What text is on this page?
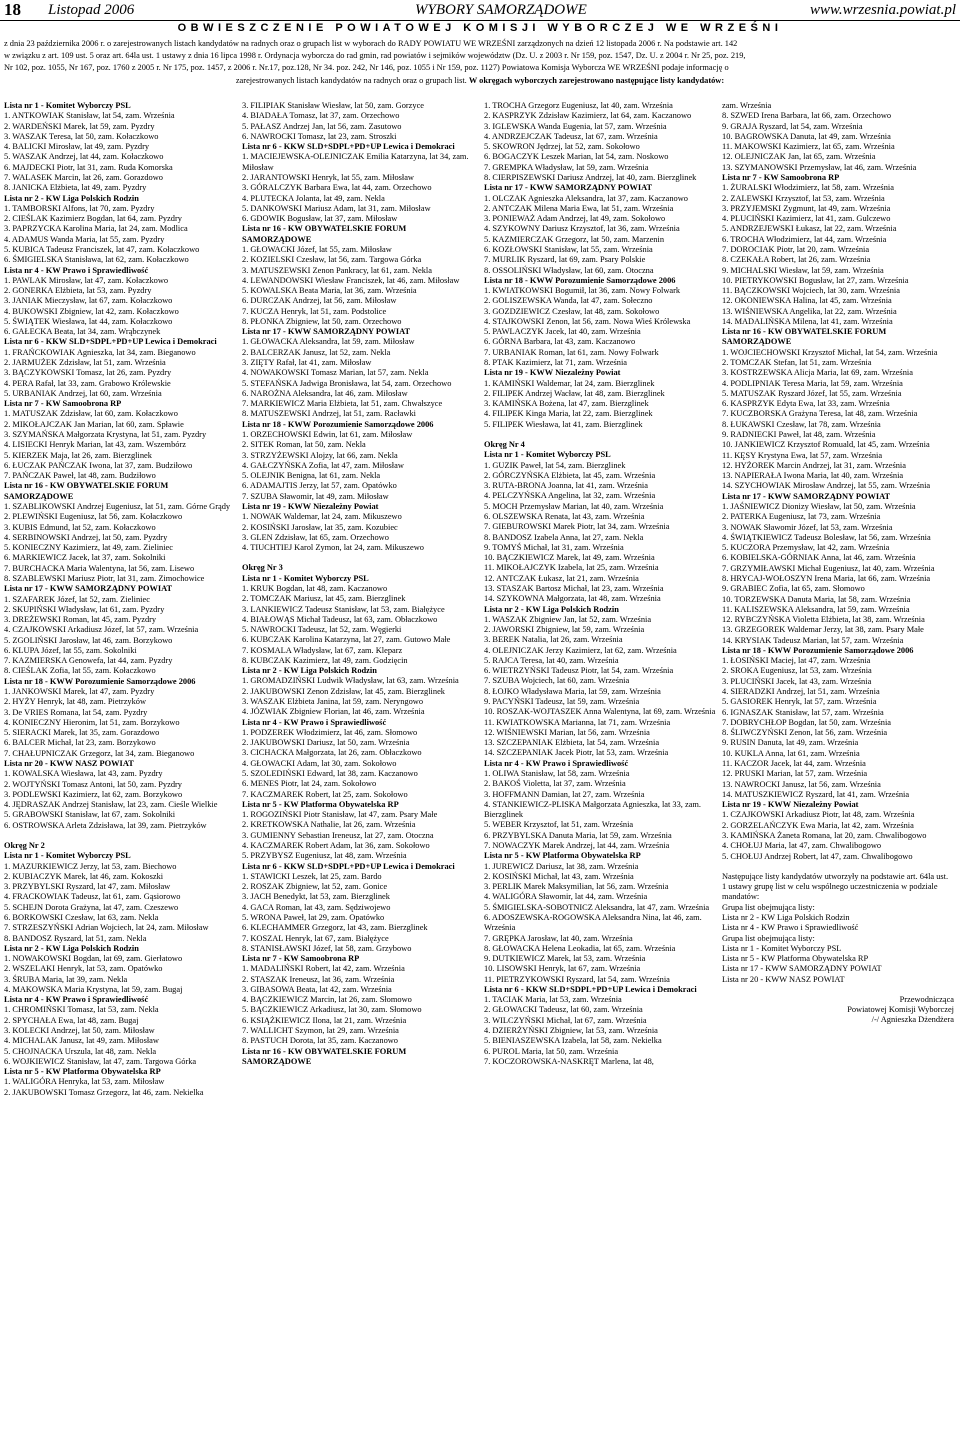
18 Listopad 2006	WYBORY SAMORZĄDOWE	www.wrzesnia.powiat.pl
OBWIESZCZENIE POWIATOWEJ KOMISJI WYBORCZEJ WE WRZEŚNI
z dnia 23 października 2006 r. o zarejestrowanych listach kandydatów na radnych oraz o grupach list w wyborach do RADY POWIATU WE WRZEŚNI zarządzonych na dzień 12 listopada 2006 r. Na podstawie art. 142
w związku z art. 109 ust. 5 oraz art. 64la ust. 1 ustawy z dnia 16 lipca 1998 r. Ordynacja wyborcza do rad gmin, rad powiatów i sejmików województw (Dz. U. z 2003 r. Nr 159, poz. 1547, Dz. U. z 2004 r. Nr 25, poz. 219,
Nr 102, poz. 1055, Nr 167, poz. 1760 z 2005 r. Nr 175, poz. 1457, z 2006 r. Nr.17, poz.128, Nr 34. poz. 242, Nr 146, poz. 1055 i Nr 159, poz. 1127) Powiatowa Komisja Wyborcza WE WRZEŚNI podaje informację o
zarejestrowanych listach kandydatów na radnych oraz o grupach list. W okręgach wyborczych zarejestrowano następujące listy kandydatów:
Lista nr 1 - Komitet Wyborczy PSL
1. ANTKOWIAK Stanisław, lat 54, zam. Września
2. WARDEŃSKI Marek, lat 59, zam. Pyzdry
3. WASZAK Teresa, lat 50, zam. Kołaczkowo
4. BALICKI Mirosław, lat 49, zam. Pyzdry
5. WASZAK Andrzej, lat 44, zam. Kołaczkowo
6. MAJDECKI Piotr, lat 31, zam. Ruda Komorska
7. WALASEK Marcin, lat 26, zam. Gorazdowo
8. JANICKA Elżbieta, lat 49, zam. Pyzdry
Lista nr 2 - KW Liga Polskich Rodzin
1. TAMBORSKI Alfons, lat 70, zam. Pyzdry
2. CIEŚLAK Kazimierz Bogdan, lat 64, zam. Pyzdry
3. PAPRZYCKA Karolina Maria, lat 24, zam. Modlica
4. ADAMUS Wanda Maria, lat 55, zam. Pyzdry
5. KUBICA Tadeusz Franciszek, lat 47, zam. Kołaczkowo
6. ŚMIGIELSKA Stanisława, lat 62, zam. Kołaczkowo
Lista nr 4 - KW Prawo i Sprawiedliwość
1. PAWLAK Mirosław, lat 47, zam. Kołaczkowo
2. GONERKA Elżbieta, lat 53, zam. Pyzdry
3. JANIAK Mieczysław, lat 67, zam. Kołaczkowo
4. BUKOWSKI Zbigniew, lat 42, zam. Kołaczkowo
5. ŚWIĄTEK Wiesława, lat 44, zam. Kołaczkowo
6. GAŁECKA Beata, lat 34, zam. Wrąbczynek
Lista nr 6 - KKW SLD+SDPL+PD+UP Lewica i Demokraci
1. FRAŃCKOWIAK Agnieszka, lat 34, zam. Bieganowo
2. JARMUŻEK Zdzisław, lat 51, zam. Września
3. BĄCZYKOWSKI Tomasz, lat 26, zam. Pyzdry
4. PERA Rafał, lat 33, zam. Grabowo Królewskie
5. URBANIAK Andrzej, lat 60, zam. Września
Lista nr 7 - KW Samoobrona RP
1. MATUSZAK Zdzisław, lat 60, zam. Kołaczkowo
2. MIKOŁAJCZAK Jan Marian, lat 60, zam. Spławie
3. SZYMAŃSKA Małgorzata Krystyna, lat 51, zam. Pyzdry
4. LISIECKI Henryk Marian, lat 43, zam. Wszembórz
5. KIERZEK Maja, lat 26, zam. Bierzglinek
6. ŁUCZAK PAŃCZAK Iwona, lat 37, zam. Budziłowo
7. PAŃCZAK Paweł, lat 48, zam. Budziłowo
Lista nr 16 - KW OBYWATELSKIE FORUM SAMORZĄDOWE
1. SZABLIKOWSKI Andrzej Eugeniusz, lat 51, zam. Górne Grądy
2. PLEWIŃSKI Eugeniusz, lat 56, zam. Kołaczkowo
3. KUBIS Edmund, lat 52, zam. Kołaczkowo
4. SERBINOWSKI Andrzej, lat 50, zam. Pyzdry
5. KONIECZNY Kazimierz, lat 49, zam. Zieliniec
6. MARKIEWICZ Jacek, lat 37, zam. Sokolniki
7. BURCHACKA Maria Walentyna, lat 56, zam. Lisewo
8. SZABLEWSKI Mariusz Piotr, lat 31, zam. Zimochowice
Lista nr 17 - KWW SAMORZĄDNY POWIAT
1. SZAFAREK Józef, lat 52, zam. Zieliniec
2. SKUPIŃSKI Władysław, lat 61, zam. Pyzdry
3. DREŻEWSKI Roman, lat 45, zam. Pyzdry
4. CZAJKOWSKI Arkadiusz Józef, lat 57, zam. Września
5. ZGOLIŃSKI Jarosław, lat 46, zam. Borzykowo
6. KLUPA Józef, lat 55, zam. Sokolniki
7. KAZMIERSKA Genowefa, lat 44, zam. Pyzdry
8. CIEŚLAK Zofia, lat 55, zam. Kołaczkowo
Lista nr 18 - KWW Porozumienie Samorządowe 2006
1. JANKOWSKI Marek, lat 47, zam. Pyzdry
2. HYŻY Henryk, lat 48, zam. Pietrzyków
3. De VRIES Romana, lat 54, zam. Pyzdry
4. KONIECZNY Hieronim, lat 51, zam. Borzykowo
5. SIERACKI Marek, lat 35, zam. Gorazdowo
6. BALCER Michał, lat 23, zam. Borzykowo
7. CHAŁUPNICZAK Grzegorz, lat 34, zam. Bieganowo
Lista nr 20 - KWW NASZ POWIAT
1. KOWALSKA Wiesława, lat 43, zam. Pyzdry
2. WOJTYŃSKI Tomasz Antoni, lat 50, zam. Pyzdry
3. PODLEWSKI Kazimierz, lat 62, zam. Borzykowo
4. JĘDRASZAK Andrzej Stanisław, lat 23, zam. Cieśle Wielkie
5. GRABOWSKI Stanisław, lat 67, zam. Sokolniki
6. OSTROWSKA Arleta Zdzisława, lat 39, zam. Pietrzyków
Okręg Nr 2
Lista nr 1 - Komitet Wyborczy PSL
1. MAZURKIEWICZ Jerzy, lat 53, zam. Biechowo
2. KUBIACZYK Marek, lat 46, zam. Kokoszki
3. PRZYBYLSKI Ryszard, lat 47, zam. Miłosław
4. FRACKOWIAK Tadeusz, lat 61, zam. Gąsiorowo
5. SCHEJN Dorota Grażyna, lat 47, zam. Czeszewo
6. BORKOWSKI Czesław, lat 63, zam. Nekla
7. STRZESZYŃSKI Adrian Wojciech, lat 24, zam. Miłosław
8. BANDOSZ Ryszard, lat 51, zam. Nekla
Lista nr 2 - KW Liga Polskich Rodzin
1. NOWAKOWSKI Bogdan, lat 69, zam. Gierłatowo
2. WSZELAKI Henryk, lat 53, zam. Opatówko
3. ŚRUBA Maria, lat 39, zam. Nekla
4. MAKOWSKA Maria Krystyna, lat 59, zam. Bugaj
Lista nr 4 - KW Prawo i Sprawiedliwość
1. CHROMIŃSKI Tomasz, lat 53, zam. Nekla
2. SPYCHAŁA Ewa, lat 48, zam. Bugaj
3. KOLECKI Andrzej, lat 50, zam. Miłosław
4. MICHALAK Janusz, lat 49, zam. Miłosław
5. CHOJNACKA Urszula, lat 48, zam. Nekla
6. WOJKIEWICZ Stanisław, lat 47, zam. Targowa Górka
Lista nr 5 - KW Platforma Obywatelska RP
1. WALIGÓRA Henryka, lat 53, zam. Miłosław
2. JAKUBOWSKI Tomasz Grzegorz, lat 46, zam. Nekielka
3. FILIPIAK Stanisław Wiesław, lat 50, zam. Gorzyce
4. BIADAŁA Tomasz, lat 37, zam. Orzechowo
5. PAŁASZ Andrzej Jan, lat 56, zam. Zasutowo
6. NAWROCKI Tomasz, lat 23, zam. Stroszki
Lista nr 6 - KKW SLD+SDPL+PD+UP Lewica i Demokraci
1. MACIEJEWSKA-OLEJNICZAK Emilia Katarzyna, lat 34, zam. Miłosław
2. JARANTOWSKI Henryk, lat 55, zam. Miłosław
3. GÓRALCZYK Barbara Ewa, lat 44, zam. Orzechowo
4. PLUTECKA Jolanta, lat 49, zam. Nekla
5. DANKOWSKI Mariusz Adam, lat 31, zam. Miłosław
6. GDOWIK Bogusław, lat 37, zam. Miłosław
Lista nr 16 - KW OBYWATELSKIE FORUM SAMORZĄDOWE
1. GŁOWACKI Józef, lat 55, zam. Miłosław
2. KOZIELSKI Czesław, lat 56, zam. Targowa Górka
3. MATUSZEWSKI Zenon Pankracy, lat 61, zam. Nekla
4. LEWANDOWSKI Wiesław Franciszek, lat 46, zam. Miłosław
5. KOWALSKA Beata Maria, lat 36, zam. Września
6. DURCZAK Andrzej, lat 56, zam. Miłosław
7. KUCZA Henryk, lat 51, zam. Podstolice
8. PŁONKA Zbigniew, lat 50, zam. Orzechowo
Lista nr 17 - KWW SAMORZĄDNY POWIAT
1. GŁOWACKA Aleksandra, lat 59, zam. Miłosław
2. BALCERZAK Janusz, lat 52, zam. Nekla
3. ZIĘTY Rafał, lat 41, zam. Miłosław
4. NOWAKOWSKI Tomasz Marian, lat 57, zam. Nekla
5. STEFAŃSKA Jadwiga Bronisława, lat 54, zam. Orzechowo
6. NAROŻNA Aleksandra, lat 46, zam. Miłosław
7. MARKIEWICZ Maria Elżbieta, lat 51, zam. Chwałszyce
8. MATUSZEWSKI Andrzej, lat 51, zam. Racławki
Lista nr 18 - KWW Porozumienie Samorządowe 2006
1. ORZECHOWSKI Edwin, lat 61, zam. Miłosław
2. SITEK Roman, lat 50, zam. Nekla
3. STRZYŻEWSKI Alojzy, lat 66, zam. Nekla
4. GAŁCZYŃSKA Zofia, lat 47, zam. Miłosław
5. OLEJNIK Benigna, lat 61, zam. Nekla
6. ADAMAJTIS Jerzy, lat 57, zam. Opatówko
7. SZUBA Sławomir, lat 49, zam. Miłosław
Lista nr 19 - KWW Niezależny Powiat
1. NOWAK Waldemar, lat 24, zam. Mikuszewo
2. KOSIŃSKI Jarosław, lat 35, zam. Kozubiec
3. GLEN Zdzisław, lat 65, zam. Orzechowo
4. TIUCHTIEJ Karol Zymon, lat 24, zam. Mikuszewo
Okręg Nr 3
Lista nr 1 - Komitet Wyborczy PSL
1. KRUK Bogdan, lat 48, zam. Kaczanowo
2. TOMCZAK Mariusz, lat 45, zam. Bierzglinek
3. LANKIEWICZ Tadeusz Stanisław, lat 53, zam. Białężyce
4. BIAŁOWĄS Michał Tadeusz, lat 63, zam. Obłaczkowo
5. NAWROCKI Tadeusz, lat 52, zam. Węgierki
6. KUBCZAK Karolina Katarzyna, lat 27, zam. Gutowo Małe
7. KOSMALA Władysław, lat 67, zam. Kleparz
8. KUBCZAK Kazimierz, lat 49, zam. Godzięcin
Lista nr 2 - KW Liga Polskich Rodzin
1. GROMADZIŃSKI Ludwik Władysław, lat 63, zam. Września
2. JAKUBOWSKI Zenon Zdzisław, lat 45, zam. Bierzglinek
3. WASZAK Elżbieta Janina, lat 59, zam. Neryngowo
4. JÓZWIAK Zbigniew Florian, lat 46, zam. Września
Lista nr 4 - KW Prawo i Sprawiedliwość
1. PODZEREK Włodzimierz, lat 46, zam. Słomowo
2. JAKUBOWSKI Dariusz, lat 50, zam. Września
3. CICHACKA Małgorzata, lat 26, zam. Obłaczkowo
4. GŁOWACKI Adam, lat 30, zam. Sokołowo
5. SZOLEDIŃSKI Edward, lat 38, zam. Kaczanowo
6. MENES Piotr, lat 24, zam. Sokołowo
7. KACZMAREK Robert, lat 25, zam. Sokołowo
Lista nr 5 - KW Platforma Obywatelska RP
1. ROGOZIŃSKI Piotr Stanisław, lat 47, zam. Psary Małe
2. KRETKOWSKA Nathalie, lat 26, zam. Września
3. GUMIENNY Sebastian Ireneusz, lat 27, zam. Otoczna
4. KACZMAREK Robert Adam, lat 36, zam. Sokołowo
5. PRZYBYSZ Eugeniusz, lat 48, zam. Września
Lista nr 6 - KKW SLD+SDPL+PD+UP Lewica i Demokraci
1. STAWICKI Leszek, lat 25, zam. Bardo
2. ROSZAK Zbigniew, lat 52, zam. Gonice
3. JACH Benedykt, lat 53, zam. Bierzglinek
4. GACA Roman, lat 43, zam. Sędziwojewo
5. WRONA Paweł, lat 29, zam. Opatówko
6. KLECHAMMER Grzegorz, lat 43, zam. Bierzglinek
7. KOSZAL Henryk, lat 67, zam. Białężyce
8. STANISŁAWSKI Józef, lat 58, zam. Grzybowo
Lista nr 7 - KW Samoobrona RP
1. MADALIŃSKI Robert, lat 42, zam. Września
2. STASZAK Ireneusz, lat 36, zam. Września
3. GIBASOWA Beata, lat 42, zam. Września
4. BĄCZKIEWICZ Marcin, lat 26, zam. Słomowo
5. BĄCZKIEWICZ Arkadiusz, lat 30, zam. Słomowo
6. KSIĄŻKIEWICZ Ilona, lat 21, zam. Września
7. WALLICHT Szymon, lat 29, zam. Września
8. PASTUCH Dorota, lat 35, zam. Kaczanowo
Lista nr 16 - KW OBYWATELSKIE FORUM SAMORZĄDOWE
1. TROCHA Grzegorz Eugeniusz, lat 40, zam. Września
2. KASPRZYK Zdzisław Kazimierz, lat 64, zam. Kaczanowo
3. IGLEWSKA Wanda Eugenia, lat 57, zam. Września
4. ANDRZEJCZAK Tadeusz, lat 67, zam. Września
5. SKOWRON Jędrzej, lat 52, zam. Sokołowo
6. BOGACZYK Leszek Marian, lat 54, zam. Noskowo
7. GREMPKA Władysław, lat 59, zam. Września
8. CIERPISZEWSKI Dariusz Andrzej, lat 40, zam. Bierzglinek
Lista nr 17 - KWW SAMORZĄDNY POWIAT
1. OLCZAK Agnieszka Aleksandra, lat 37, zam. Kaczanowo
2. ANTCZAK Milena Maria Ewa, lat 51, zam. Września
3. PONIEWAŻ Adam Andrzej, lat 49, zam. Sokołowo
4. SZYKOWNY Dariusz Krzysztof, lat 36, zam. Września
5. KAZMIERCZAK Grzegorz, lat 50, zam. Marzenin
6. KOZŁOWSKI Stanisław, lat 55, zam. Września
7. MURLIK Ryszard, lat 69, zam. Psary Polskie
8. OSSOLIŃSKI Władysław, lat 60, zam. Otoczna
Lista nr 18 - KWW Porozumienie Samorządowe 2006
1. KWIATKOWSKI Bogumił, lat 36, zam. Nowy Folwark
2. GOLISZEWSKA Wanda, lat 47, zam. Sołeczno
3. GOZDZIEWICZ Czesław, lat 48, zam. Sokołowo
4. STAJKOWSKI Zenon, lat 56, zam. Nowa Wieś Królewska
5. PAWLACZYK Jacek, lat 40, zam. Września
6. GÓRNA Barbara, lat 43, zam. Kaczanowo
7. URBANIAK Roman, lat 61, zam. Nowy Folwark
8. PTAK Kazimierz, lat 71, zam. Września
Lista nr 19 - KWW Niezależny Powiat
1. KAMIŃSKI Waldemar, lat 24, zam. Bierzglinek
2. FILIPEK Andrzej Wacław, lat 48, zam. Bierzglinek
3. KAMIŃSKA Bożena, lat 47, zam. Bierzglinek
4. FILIPEK Kinga Maria, lat 22, zam. Bierzglinek
5. FILIPEK Wiesława, lat 41, zam. Bierzglinek
Okręg Nr 4
Lista nr 1 - Komitet Wyborczy PSL
1. GUZIK Paweł, lat 54, zam. Bierzglinek
2. GÓRCZYŃSKA Elżbieta, lat 45, zam. Września
3. RUTA-BRONA Joanna, lat 41, zam. Września
4. PELCZYŃSKA Angelina, lat 32, zam. Września
5. MOCH Przemysław Marian, lat 40, zam. Września
6. OLSZEWSKA Renata, lat 43, zam. Września
7. GIEBUROWSKI Marek Piotr, lat 34, zam. Września
8. BANDOSZ Izabela Anna, lat 27, zam. Nekla
9. TOMYŚ Michał, lat 31, zam. Września
10. BĄCZKIEWICZ Marek, lat 49, zam. Września
11. MIKOŁAJCZYK Izabela, lat 25, zam. Września
12. ANTCZAK Łukasz, lat 21, zam. Września
13. STASZAK Bartosz Michał, lat 23, zam. Września
14. SZYKOWNA Małgorzata, lat 48, zam. Września
Lista nr 2 - KW Liga Polskich Rodzin
1. WASZAK Zbigniew Jan, lat 52, zam. Września
2. JAWORSKI Zbigniew, lat 59, zam. Września
3. BEREK Natalia, lat 26, zam. Września
4. OLEJNICZAK Jerzy Kazimierz, lat 62, zam. Września
5. RAJCA Teresa, lat 40, zam. Września
6. WIETRZYŃSKI Tadeusz Piotr, lat 54, zam. Września
7. SZUBA Wojciech, lat 60, zam. Września
8. ŁOJKO Władysława Maria, lat 59, zam. Września
9. PACYŃSKI Tadeusz, lat 59, zam. Września
10. ROSZAK-WOJTASZEK Anna Walentyna, lat 69, zam. Września
11. KWIATKOWSKA Marianna, lat 71, zam. Września
12. WIŚNIEWSKI Marian, lat 56, zam. Września
13. SZCZEPANIAK Elżbieta, lat 54, zam. Września
14. SZCZEPANIAK Jacek Piotr, lat 53, zam. Września
Lista nr 4 - KW Prawo i Sprawiedliwość
1. OLIWA Stanisław, lat 58, zam. Września
2. BAKOŚ Violetta, lat 37, zam. Września
3. HOFFMANN Damian, lat 27, zam. Września
4. STANKIEWICZ-PLISKA Małgorzata Agnieszka, lat 33, zam. Bierzglinek
5. WEBER Krzysztof, lat 51, zam. Września
6. PRZYBYLSKA Danuta Maria, lat 59, zam. Września
7. NOWACZYK Marek Andrzej, lat 44, zam. Września
Lista nr 5 - KW Platforma Obywatelska RP
1. JUREWICZ Dariusz, lat 38, zam. Września
2. KOSIŃSKI Michał, lat 43, zam. Września
3. PERLIK Marek Maksymilian, lat 56, zam. Września
4. WALIGÓRA Sławomir, lat 44, zam. Września
5. ŚMIGIELSKA-SOBOTNICZ Aleksandra, lat 47, zam. Września
6. ADOSZEWSKA-ROGOWSKA Aleksandra Nina, lat 46, zam. Września
7. GRĘPKA Jarosław, lat 40, zam. Września
8. GŁOWACKA Helena Leokadia, lat 65, zam. Września
9. DUTKIEWICZ Marek, lat 53, zam. Września
10. LISOWSKI Henryk, lat 67, zam. Września
11. PIETRZYKOWSKI Ryszard, lat 54, zam. Września
Lista nr 6 - KKW SLD+SDPL+PD+UP Lewica i Demokraci
1. TACIAK Maria, lat 53, zam. Września
2. GŁOWACKI Tadeusz, lat 60, zam. Września
3. WILCZYŃSKI Michał, lat 67, zam. Września
4. DZIERŻYŃSKI Zbigniew, lat 53, zam. Września
5. BIENIASZEWSKA Izabela, lat 58, zam. Nekielka
6. PUROL Maria, lat 50, zam. Września
7. KOCZOROWSKA-NASKRĘT Marlena, lat 48,
zam. Września
8. SZWED Irena Barbara, lat 66, zam. Orzechowo
9. GRAJA Ryszard, lat 54, zam. Września
10. BAGROWSKA Danuta, lat 49, zam. Września
11. MAKOWSKI Kazimierz, lat 65, zam. Września
12. OLEJNICZAK Jan, lat 65, zam. Września
13. SZYMANOWSKI Przemysław, lat 46, zam. Września
Lista nr 7 - KW Samoobrona RP
1. ŻURALSKI Włodzimierz, lat 58, zam. Września
2. ZALEWSKI Krzysztof, lat 53, zam. Września
3. PRZYJEMSKI Zygmunt, lat 49, zam. Września
4. PLUCIŃSKI Kazimierz, lat 41, zam. Gulczewo
5. ANDRZEJEWSKI Łukasz, lat 22, zam. Września
6. TROCHA Włodzimierz, lat 44, zam. Września
7. DOROCIAK Piotr, lat 20, zam. Września
8. CZEKAŁA Robert, lat 26, zam. Września
9. MICHALSKI Wiesław, lat 59, zam. Września
10. PIETRYKOWSKI Bogusław, lat 27, zam. Września
11. BĄCZKOWSKI Wojciech, lat 30, zam. Września
12. OKONIEWSKA Halina, lat 45, zam. Września
13. WIŚNIEWSKA Angelika, lat 22, zam. Września
14. MADALIŃSKA Milena, lat 41, zam. Września
Lista nr 16 - KW OBYWATELSKIE FORUM SAMORZĄDOWE
1. WOJCIECHOWSKI Krzysztof Michał, lat 54, zam. Września
2. TOMCZAK Stefan, lat 51, zam. Września
3. KOSTRZEWSKA Alicja Maria, lat 69, zam. Września
4. PODLIPNIAK Teresa Maria, lat 59, zam. Września
5. MATUSZAK Ryszard Józef, lat 55, zam. Września
6. KASPRZYK Edyta Ewa, lat 33, zam. Września
7. KUCZBORSKA Grażyna Teresa, lat 48, zam. Września
8. ŁUKAWSKI Czesław, lat 78, zam. Września
9. RADNIECKI Paweł, lat 48, zam. Września
10. JANKIEWICZ Krzysztof Romuald, lat 45, zam. Września
11. KĘSY Krystyna Ewa, lat 57, zam. Września
12. HYŻOREK Marcin Andrzej, lat 31, zam. Września
13. NAPIERAŁA Iwona Maria, lat 40, zam. Września
14. SZYCHOWIAK Mirosław Andrzej, lat 55, zam. Września
Lista nr 17 - KWW SAMORZĄDNY POWIAT
1. JAŚNIEWICZ Dionizy Wiesław, lat 50, zam. Września
2. PATERKA Eugeniusz, lat 73, zam. Września
3. NOWAK Sławomir Józef, lat 53, zam. Września
4. ŚWIĄTKIEWICZ Tadeusz Bolesław, lat 56, zam. Września
5. KUCZORA Przemysław, lat 42, zam. Września
6. KOBIELSKA-GÓRNIAK Anna, lat 46, zam. Września
7. GRZYMIŁAWSKI Michał Eugeniusz, lat 40, zam. Września
8. HRYCAJ-WOŁOSZYN Irena Maria, lat 66, zam. Września
9. GRABIEC Zofia, lat 65, zam. Słomowo
10. TORZEWSKA Danuta Maria, lat 58, zam. Września
11. KALISZEWSKA Aleksandra, lat 59, zam. Września
12. RYBCZYŃSKA Violetta Elżbieta, lat 38, zam. Września
13. GRZEGOREK Waldemar Jerzy, lat 38, zam. Psary Małe
14. KRYSIAK Tadeusz Marian, lat 57, zam. Września
Lista nr 18 - KWW Porozumienie Samorządowe 2006
1. ŁOSIŃSKI Maciej, lat 47, zam. Września
2. SROKA Eugeniusz, lat 53, zam. Września
3. PLUCIŃSKI Jacek, lat 43, zam. Września
4. SIERADZKI Andrzej, lat 51, zam. Września
5. GASIOREK Henryk, lat 57, zam. Września
6. IGNASZAK Stanisław, lat 57, zam. Września
7. DOBRYCHŁOP Bogdan, lat 50, zam. Września
8. ŚLIWCZYŃSKI Zenon, lat 56, zam. Września
9. RUSIN Danuta, lat 49, zam. Września
10. KUKLA Anna, lat 61, zam. Września
11. KACZOR Jacek, lat 44, zam. Września
12. PRUSKI Marian, lat 57, zam. Września
13. NAWROCKI Janusz, lat 56, zam. Września
14. MATUSZKIEWICZ Ryszard, lat 41, zam. Września
Lista nr 19 - KWW Niezależny Powiat
1. CZAJKOWSKI Arkadiusz Piotr, lat 48, zam. Września
2. GORZELAŃCZYK Ewa Maria, lat 42, zam. Września
3. KAMIŃSKA Żaneta Romana, lat 20, zam. Chwalibogowo
4. CHOŁUJ Maria, lat 47, zam. Chwalibogowo
5. CHOŁUJ Andrzej Robert, lat 47, zam. Chwalibogowo
Następujące listy kandydatów utworzyły na podstawie art. 64la ust. 1 ustawy grupę list w celu wspólnego uczestniczenia w podziale mandatów:
Grupa list obejmująca listy:
Lista nr 2 - KW Liga Polskich Rodzin
Lista nr 4 - KW Prawo i Sprawiedliwość
Grupa list obejmująca listy:
Lista nr 1 - Komitet Wyborczy PSL
Lista nr 5 - KW Platforma Obywatelska RP
Lista nr 17 - KWW SAMORZĄDNY POWIAT
Lista nr 20 - KWW NASZ POWIAT
Przewodnicząca
Powiatowej Komisji Wyborczej
/-/ Agnieszka Dżendżera
